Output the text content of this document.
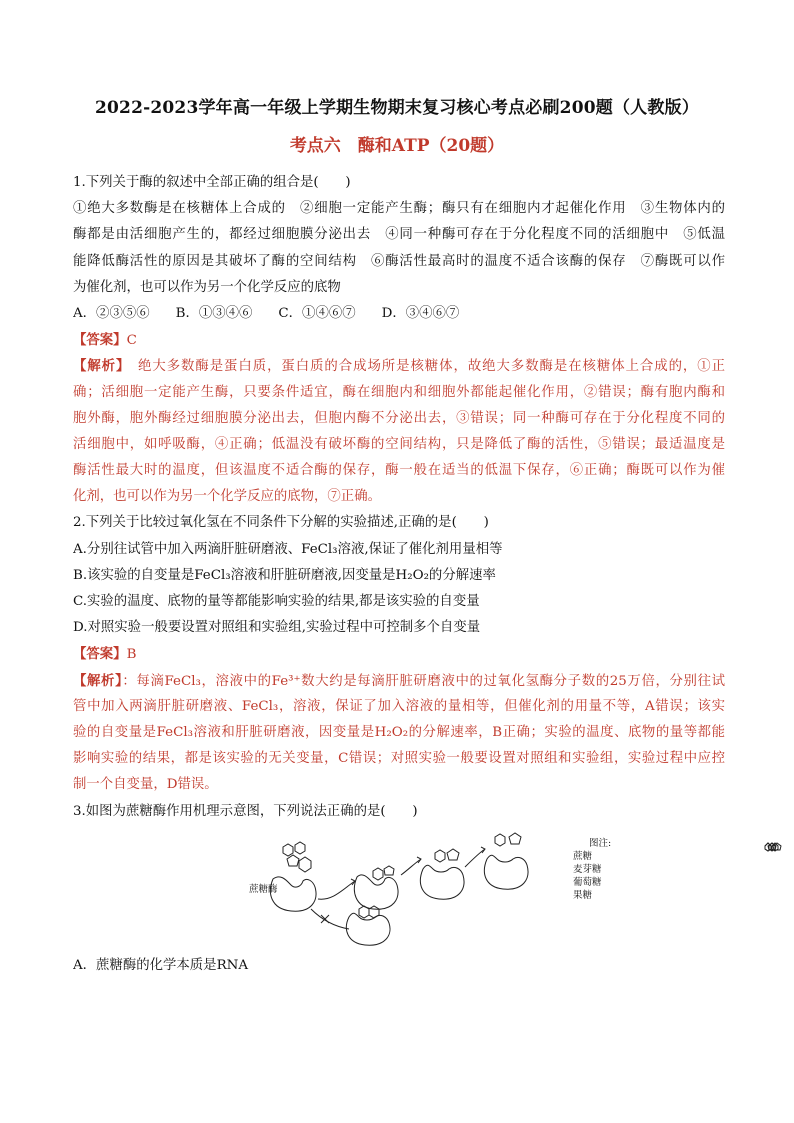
2022-2023学年高一年级上学期生物期末复习核心考点必刷200题（人教版）
考点六　酶和ATP（20题）
1.下列关于酶的叙述中全部正确的组合是(　　)
①绝大多数酶是在核糖体上合成的　②细胞一定能产生酶；酶只有在细胞内才起催化作用　③生物体内的
酶都是由活细胞产生的，都经过细胞膜分泌出去　④同一种酶可存在于分化程度不同的活细胞中　⑤低温
能降低酶活性的原因是其破坏了酶的空间结构　⑥酶活性最高时的温度不适合该酶的保存　⑦酶既可以作
为催化剂，也可以作为另一个化学反应的底物
A．②③⑤⑥ B．①③④⑥ C．①④⑥⑦ D．③④⑥⑦
【答案】C
【解析】　绝大多数酶是蛋白质，蛋白质的合成场所是核糖体，故绝大多数酶是在核糖体上合成的，①正
确；活细胞一定能产生酶，只要条件适宜，酶在细胞内和细胞外都能起催化作用，②错误；酶有胞内酶和
胞外酶，胞外酶经过细胞膜分泌出去，但胞内酶不分泌出去，③错误；同一种酶可存在于分化程度不同的
活细胞中，如呼吸酶，④正确；低温没有破坏酶的空间结构，只是降低了酶的活性，⑤错误；最适温度是
酶活性最大时的温度，但该温度不适合酶的保存，酶一般在适当的低温下保存，⑥正确；酶既可以作为催
化剂，也可以作为另一个化学反应的底物，⑦正确。
2.下列关于比较过氧化氢在不同条件下分解的实验描述,正确的是(　　)
A.分别往试管中加入两滴肝脏研磨液、FeCl₃溶液,保证了催化剂用量相等
B.该实验的自变量是FeCl₃溶液和肝脏研磨液,因变量是H₂O₂的分解速率
C.实验的温度、底物的量等都能影响实验的结果,都是该实验的自变量
D.对照实验一般要设置对照组和实验组,实验过程中可控制多个自变量
【答案】B
【解析】：每滴FeCl₃，溶液中的Fe³⁺数大约是每滴肝脏研磨液中的过氧化氢酶分子数的25万倍，分别往试
管中加入两滴肝脏研磨液、FeCl₃，溶液，保证了加入溶液的量相等，但催化剂的用量不等，A错误；该实
验的自变量是FeCl₃溶液和肝脏研磨液，因变量是H₂O₂的分解速率，B正确；实验的温度、底物的量等都能
影响实验的结果，都是该实验的无关变量，C错误；对照实验一般要设置对照组和实验组，实验过程中应控
制一个自变量，D错误。
3.如图为蔗糖酶作用机理示意图，下列说法正确的是(　　)
蔗糖酶
图注:
蔗糖
麦芽糖
葡萄糖
果糖
A．蔗糖酶的化学本质是RNA
